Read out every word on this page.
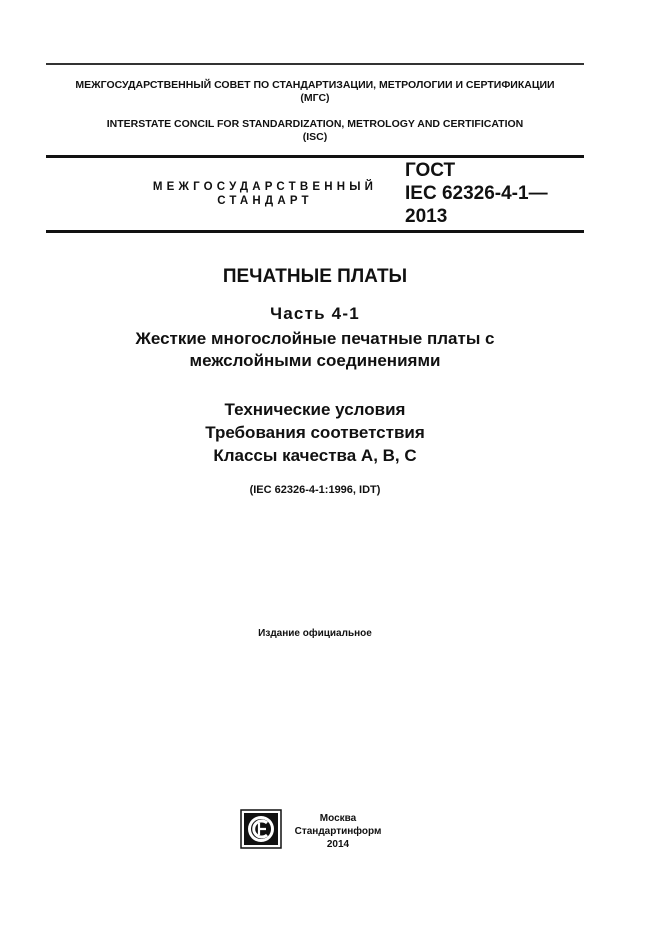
МЕЖГОСУДАРСТВЕННЫЙ СОВЕТ ПО СТАНДАРТИЗАЦИИ, МЕТРОЛОГИИ И СЕРТИФИКАЦИИ
(МГС)
INTERSTATE CONCIL FOR STANDARDIZATION, METROLOGY AND CERTIFICATION
(ISC)
МЕЖГОСУДАРСТВЕННЫЙ
СТАНДАРТ
ГОСТ
IEC 62326-4-1—
2013
ПЕЧАТНЫЕ ПЛАТЫ
Часть 4-1
Жесткие многослойные печатные платы с
межслойными соединениями
Технические условия
Требования соответствия
Классы качества А, В, С
(IEC 62326-4-1:1996, IDT)
Издание официальное
Москва
Стандартинформ
2014
